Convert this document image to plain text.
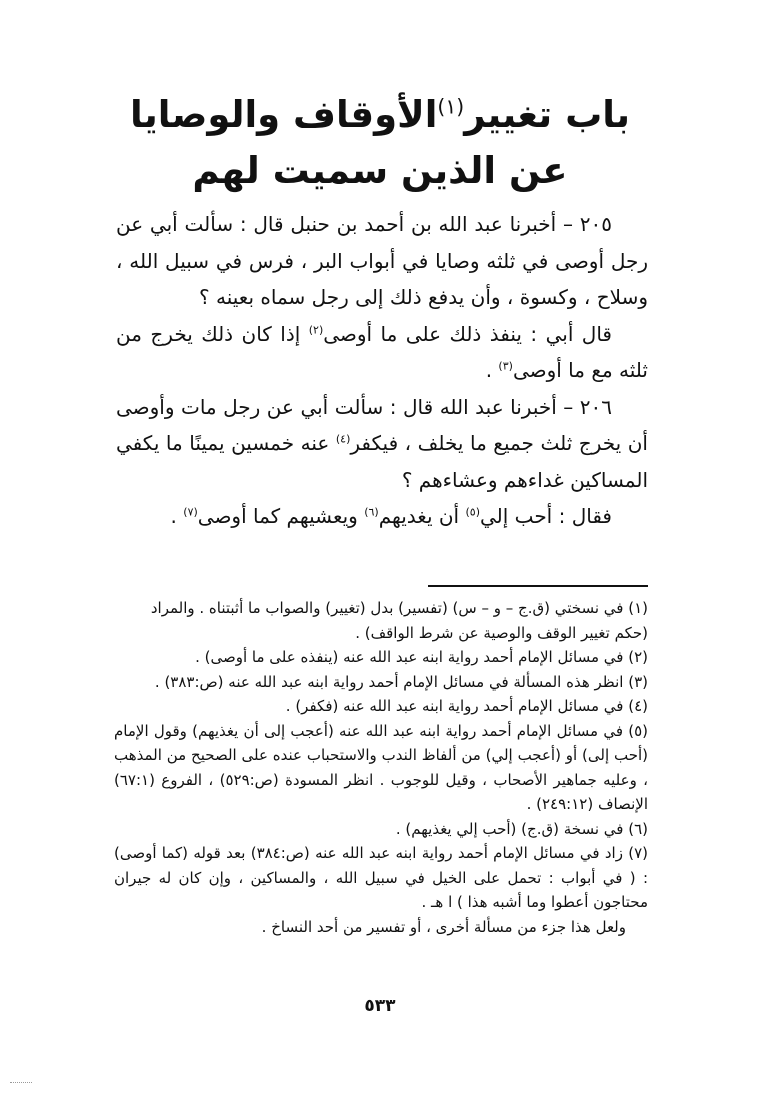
باب تغيير$^{(١)}$الأوقاف والوصايا
عن الذين سميت لهم

٢٠٥ – أخبرنا عبد الله بن أحمد بن حنبل قال : سألت أبي عن رجل أوصى في ثلثه وصايا في أبواب البر ، فرس في سبيل الله ، وسلاح ، وكسوة ، وأن يدفع ذلك إلى رجل سماه بعينه ؟

قال أبي : ينفذ ذلك على ما أوصى$^{(٢)}$ إذا كان ذلك يخرج من ثلثه مع ما أوصى$^{(٣)}$ .

٢٠٦ – أخبرنا عبد الله قال : سألت أبي عن رجل مات وأوصى أن يخرج ثلث جميع ما يخلف ، فيكفر$^{(٤)}$ عنه خمسين يمينًا ما يكفي المساكين غداءهم وعشاءهم ؟

فقال : أحب إلي$^{(٥)}$ أن يغديهم$^{(٦)}$ ويعشيهم كما أوصى$^{(٧)}$ .

(١) في نسختي (ق.ج – و – س) (تفسير) بدل (تغيير) والصواب ما أثبتناه . والمراد

(حكم تغيير الوقف والوصية عن شرط الواقف) .

(٢) في مسائل الإمام أحمد رواية ابنه عبد الله عنه (ينفذه على ما أوصى) .

(٣) انظر هذه المسألة في مسائل الإمام أحمد رواية ابنه عبد الله عنه (ص:٣٨٣) .

(٤) في مسائل الإمام أحمد رواية ابنه عبد الله عنه (فكفر) .

(٥) في مسائل الإمام أحمد رواية ابنه عبد الله عنه (أعجب إلى أن يغذيهم) وقول الإمام (أحب إلى) أو (أعجب إلي) من ألفاظ الندب والاستحباب عنده على الصحيح من المذهب ، وعليه جماهير الأصحاب ، وقيل للوجوب . انظر المسودة (ص:٥٢٩) ، الفروع (٦٧:١) الإنصاف (٢٤٩:١٢) .

(٦) في نسخة (ق.ج) (أحب إلي يغذيهم) .

(٧) زاد في مسائل الإمام أحمد رواية ابنه عبد الله عنه (ص:٣٨٤) بعد قوله (كما أوصى) : ( في أبواب : تحمل على الخيل في سبيل الله ، والمساكين ، وإن كان له جيران محتاجون أعطوا وما أشبه هذا ) ا هـ .

ولعل هذا جزء من مسألة أخرى ، أو تفسير من أحد النساخ .

٥٣٣
